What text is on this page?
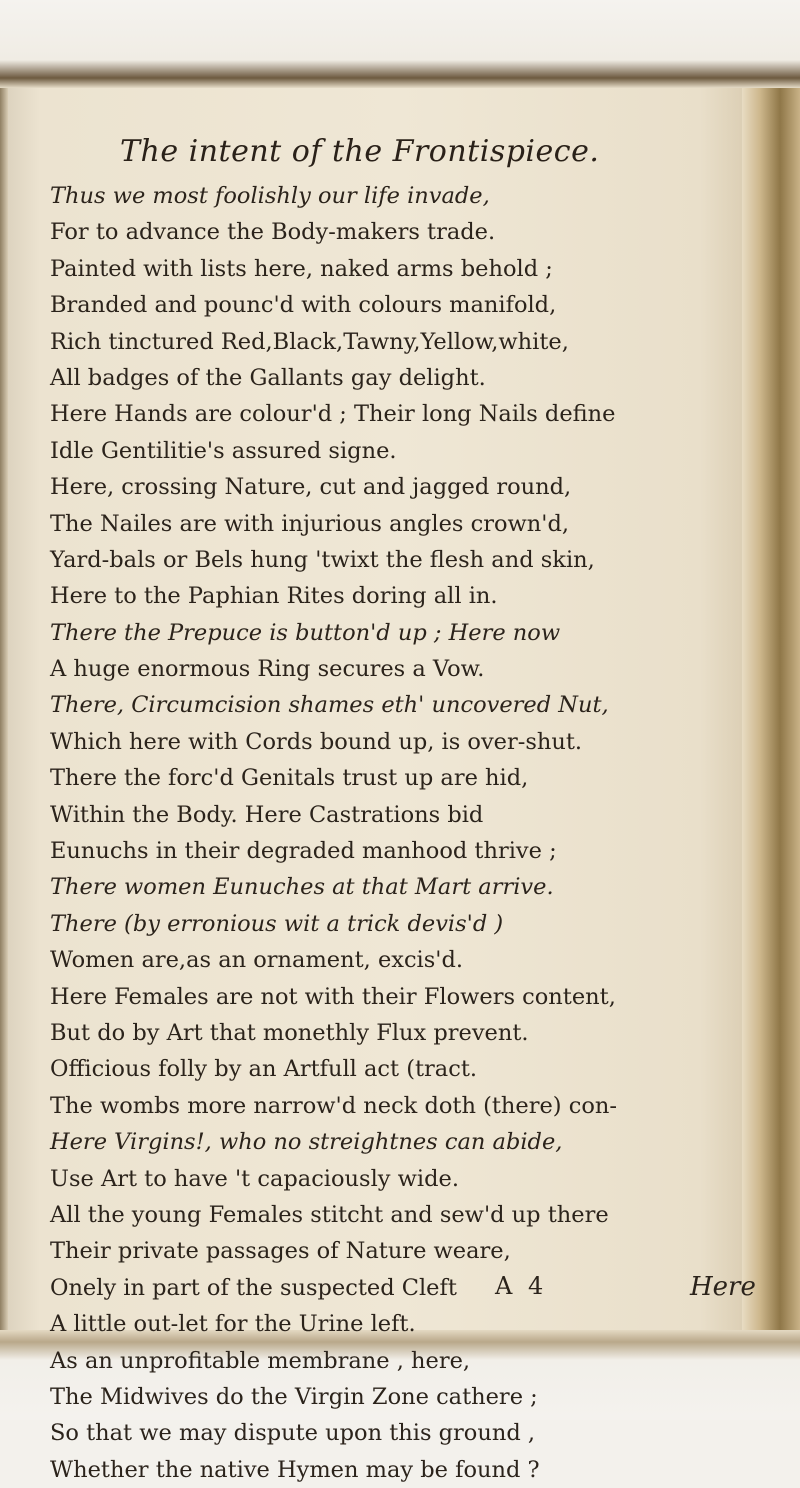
The intent of the Frontispiece.
Thus we most foolishly our life invade,
For to advance the Body-makers trade.
Painted with lists here, naked arms behold ;
Branded and pounc'd with colours manifold,
Rich tinctured Red,Black,Tawny,Yellow,white,
All badges of the Gallants gay delight.
Here Hands are colour'd ; Their long Nails define
Idle Gentilitie's assured signe.
Here, crossing Nature, cut and jagged round,
The Nailes are with injurious angles crown'd,
Yard-bals or Bels hung 'twixt the flesh and skin,
Here to the Paphian Rites doring all in.
There the Prepuce is button'd up ; Here now
A huge enormous Ring secures a Vow.
There, Circumcision shames eth' uncovered Nut,
Which here with Cords bound up, is over-shut.
There the forc'd Genitals trust up are hid,
Within the Body. Here Castrations bid
Eunuchs in their degraded manhood thrive ;
There women Eunuches at that Mart arrive.
There (by erronious wit a trick devis'd )
Women are,as an ornament, excis'd.
Here Females are not with their Flowers content,
But do by Art that monethly Flux prevent.
Officious folly by an Artfull act (tract.
The wombs more narrow'd neck doth (there) con-
Here Virgins!, who no streightnes can abide,
Use Art to have 't capaciously wide.
All the young Females stitcht and sew'd up there
Their private passages of Nature weare,
Onely in part of the suspected Cleft
A little out-let for the Urine left.
As an unprofitable membrane , here,
The Midwives do the Virgin Zone cathere ;
So that we may dispute upon this ground ,
Whether the native Hymen may be found ?
A 4	Here
